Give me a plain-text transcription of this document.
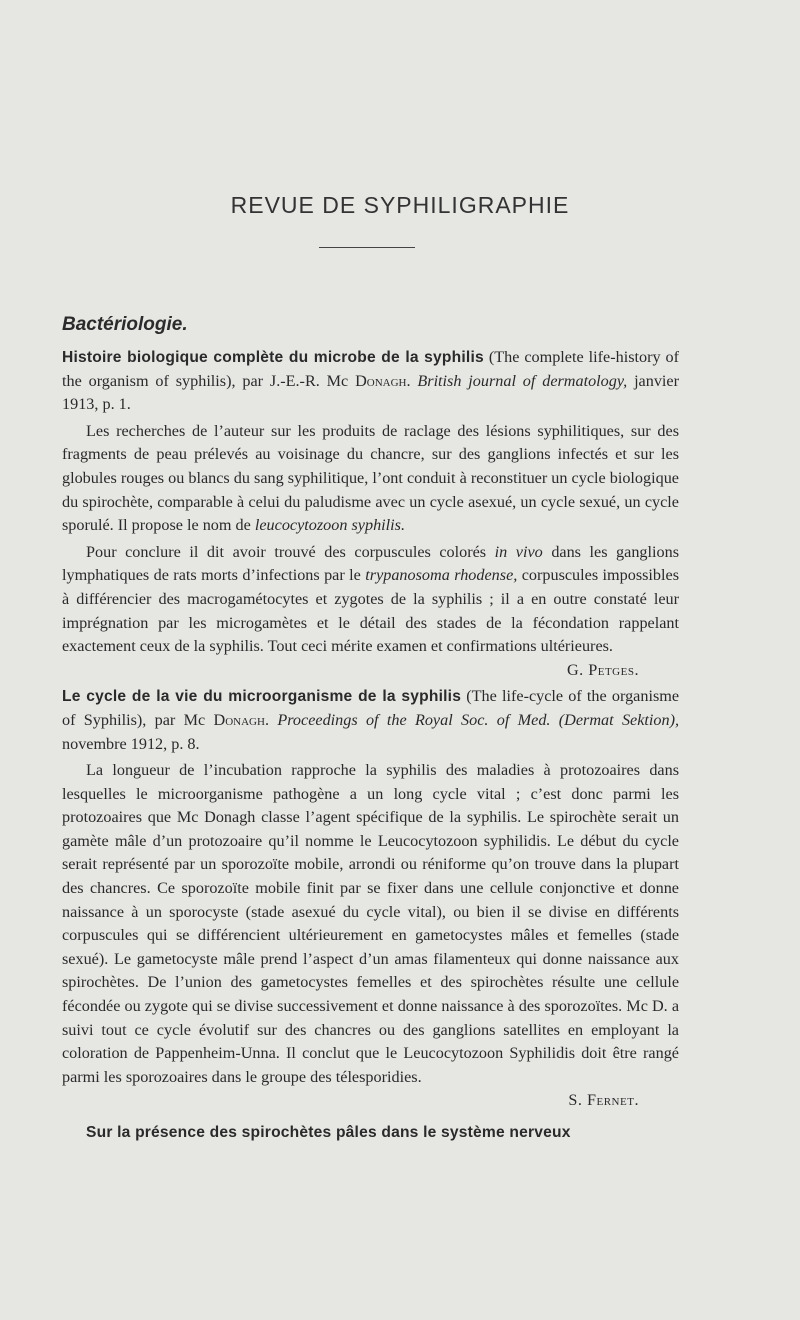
REVUE DE SYPHILIGRAPHIE
Bactériologie.

Histoire biologique complète du microbe de la syphilis (The complete life-history of the organism of syphilis), par J.-E.-R. Mc Donagh. British journal of dermatology, janvier 1913, p. 1.

Les recherches de l’auteur sur les produits de raclage des lésions syphilitiques, sur des fragments de peau prélevés au voisinage du chancre, sur des ganglions infectés et sur les globules rouges ou blancs du sang syphilitique, l’ont conduit à reconstituer un cycle biologique du spirochète, comparable à celui du paludisme avec un cycle asexué, un cycle sexué, un cycle sporulé. Il propose le nom de leucocytozoon syphilis.

Pour conclure il dit avoir trouvé des corpuscules colorés in vivo dans les ganglions lymphatiques de rats morts d’infections par le trypanosoma rhodense, corpuscules impossibles à différencier des macrogamétocytes et zygotes de la syphilis ; il a en outre constaté leur imprégnation par les microgamètes et le détail des stades de la fécondation rappelant exactement ceux de la syphilis. Tout ceci mérite examen et confirmations ultérieures.

G. Petges.

Le cycle de la vie du microorganisme de la syphilis (The life-cycle of the organisme of Syphilis), par Mc Donagh. Proceedings of the Royal Soc. of Med. (Dermat Sektion), novembre 1912, p. 8.

La longueur de l’incubation rapproche la syphilis des maladies à protozoaires dans lesquelles le microorganisme pathogène a un long cycle vital ; c’est donc parmi les protozoaires que Mc Donagh classe l’agent spécifique de la syphilis. Le spirochète serait un gamète mâle d’un protozoaire qu’il nomme le Leucocytozoon syphilidis. Le début du cycle serait représenté par un sporozoïte mobile, arrondi ou réniforme qu’on trouve dans la plupart des chancres. Ce sporozoïte mobile finit par se fixer dans une cellule conjonctive et donne naissance à un sporocyste (stade asexué du cycle vital), ou bien il se divise en différents corpuscules qui se différencient ultérieurement en gametocystes mâles et femelles (stade sexué). Le gametocyste mâle prend l’aspect d’un amas filamenteux qui donne naissance aux spirochètes. De l’union des gametocystes femelles et des spirochètes résulte une cellule fécondée ou zygote qui se divise successivement et donne naissance à des sporozoïtes. Mc D. a suivi tout ce cycle évolutif sur des chancres ou des ganglions satellites en employant la coloration de Pappenheim-Unna. Il conclut que le Leucocytozoon Syphilidis doit être rangé parmi les sporozoaires dans le groupe des télesporidies.

S. Fernet.

Sur la présence des spirochètes pâles dans le système nerveux
